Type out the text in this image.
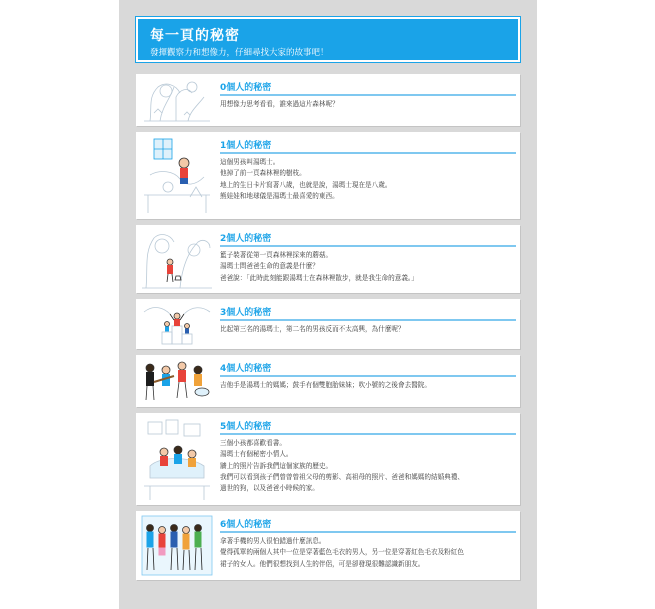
每一頁的秘密
發揮觀察力和想像力，仔細尋找大家的故事吧！
0個人的秘密
用想像力思考看看，誰來過這片森林呢？
1個人的秘密
這個男孩叫湯瑪士。
他掉了前一頁森林裡的樹枝。
地上的生日卡片寫著八歲，也就是說，湯瑪士現在是八歲。
熊娃娃和地球儀是湯瑪士最喜愛的東西。
2個人的秘密
籃子裝著從第一頁森林裡採來的蘑菇。
湯瑪士問爸爸生命的意義是什麼？
爸爸說：「此時此刻能跟湯瑪士在森林裡散步，就是我生命的意義。」
3個人的秘密
比起第三名的湯瑪士，第二名的男孩反而不太高興，為什麼呢？
4個人的秘密
吉他手是湯瑪士的媽媽；鼓手有個雙胞胎妹妹；吹小號的之後會去醫院。
5個人的秘密
三個小孩都喜歡看書。
湯瑪士有個秘密小情人。
牆上的照片告訴我們這個家族的歷史。
我們可以看到孩子們曾曾曾祖父母的剪影、高祖母的照片、爸爸和媽媽的結婚典禮、
過世的狗，以及爸爸小時候的家。
6個人的秘密
拿著手機的男人很怕錯過什麼訊息。
覺得孤單的兩個人其中一位是穿著藍色毛衣的男人，另一位是穿著紅色毛衣及粉紅色
裙子的女人。他們很想找到人生的伴侶，可是卻發現很難認識新朋友。
